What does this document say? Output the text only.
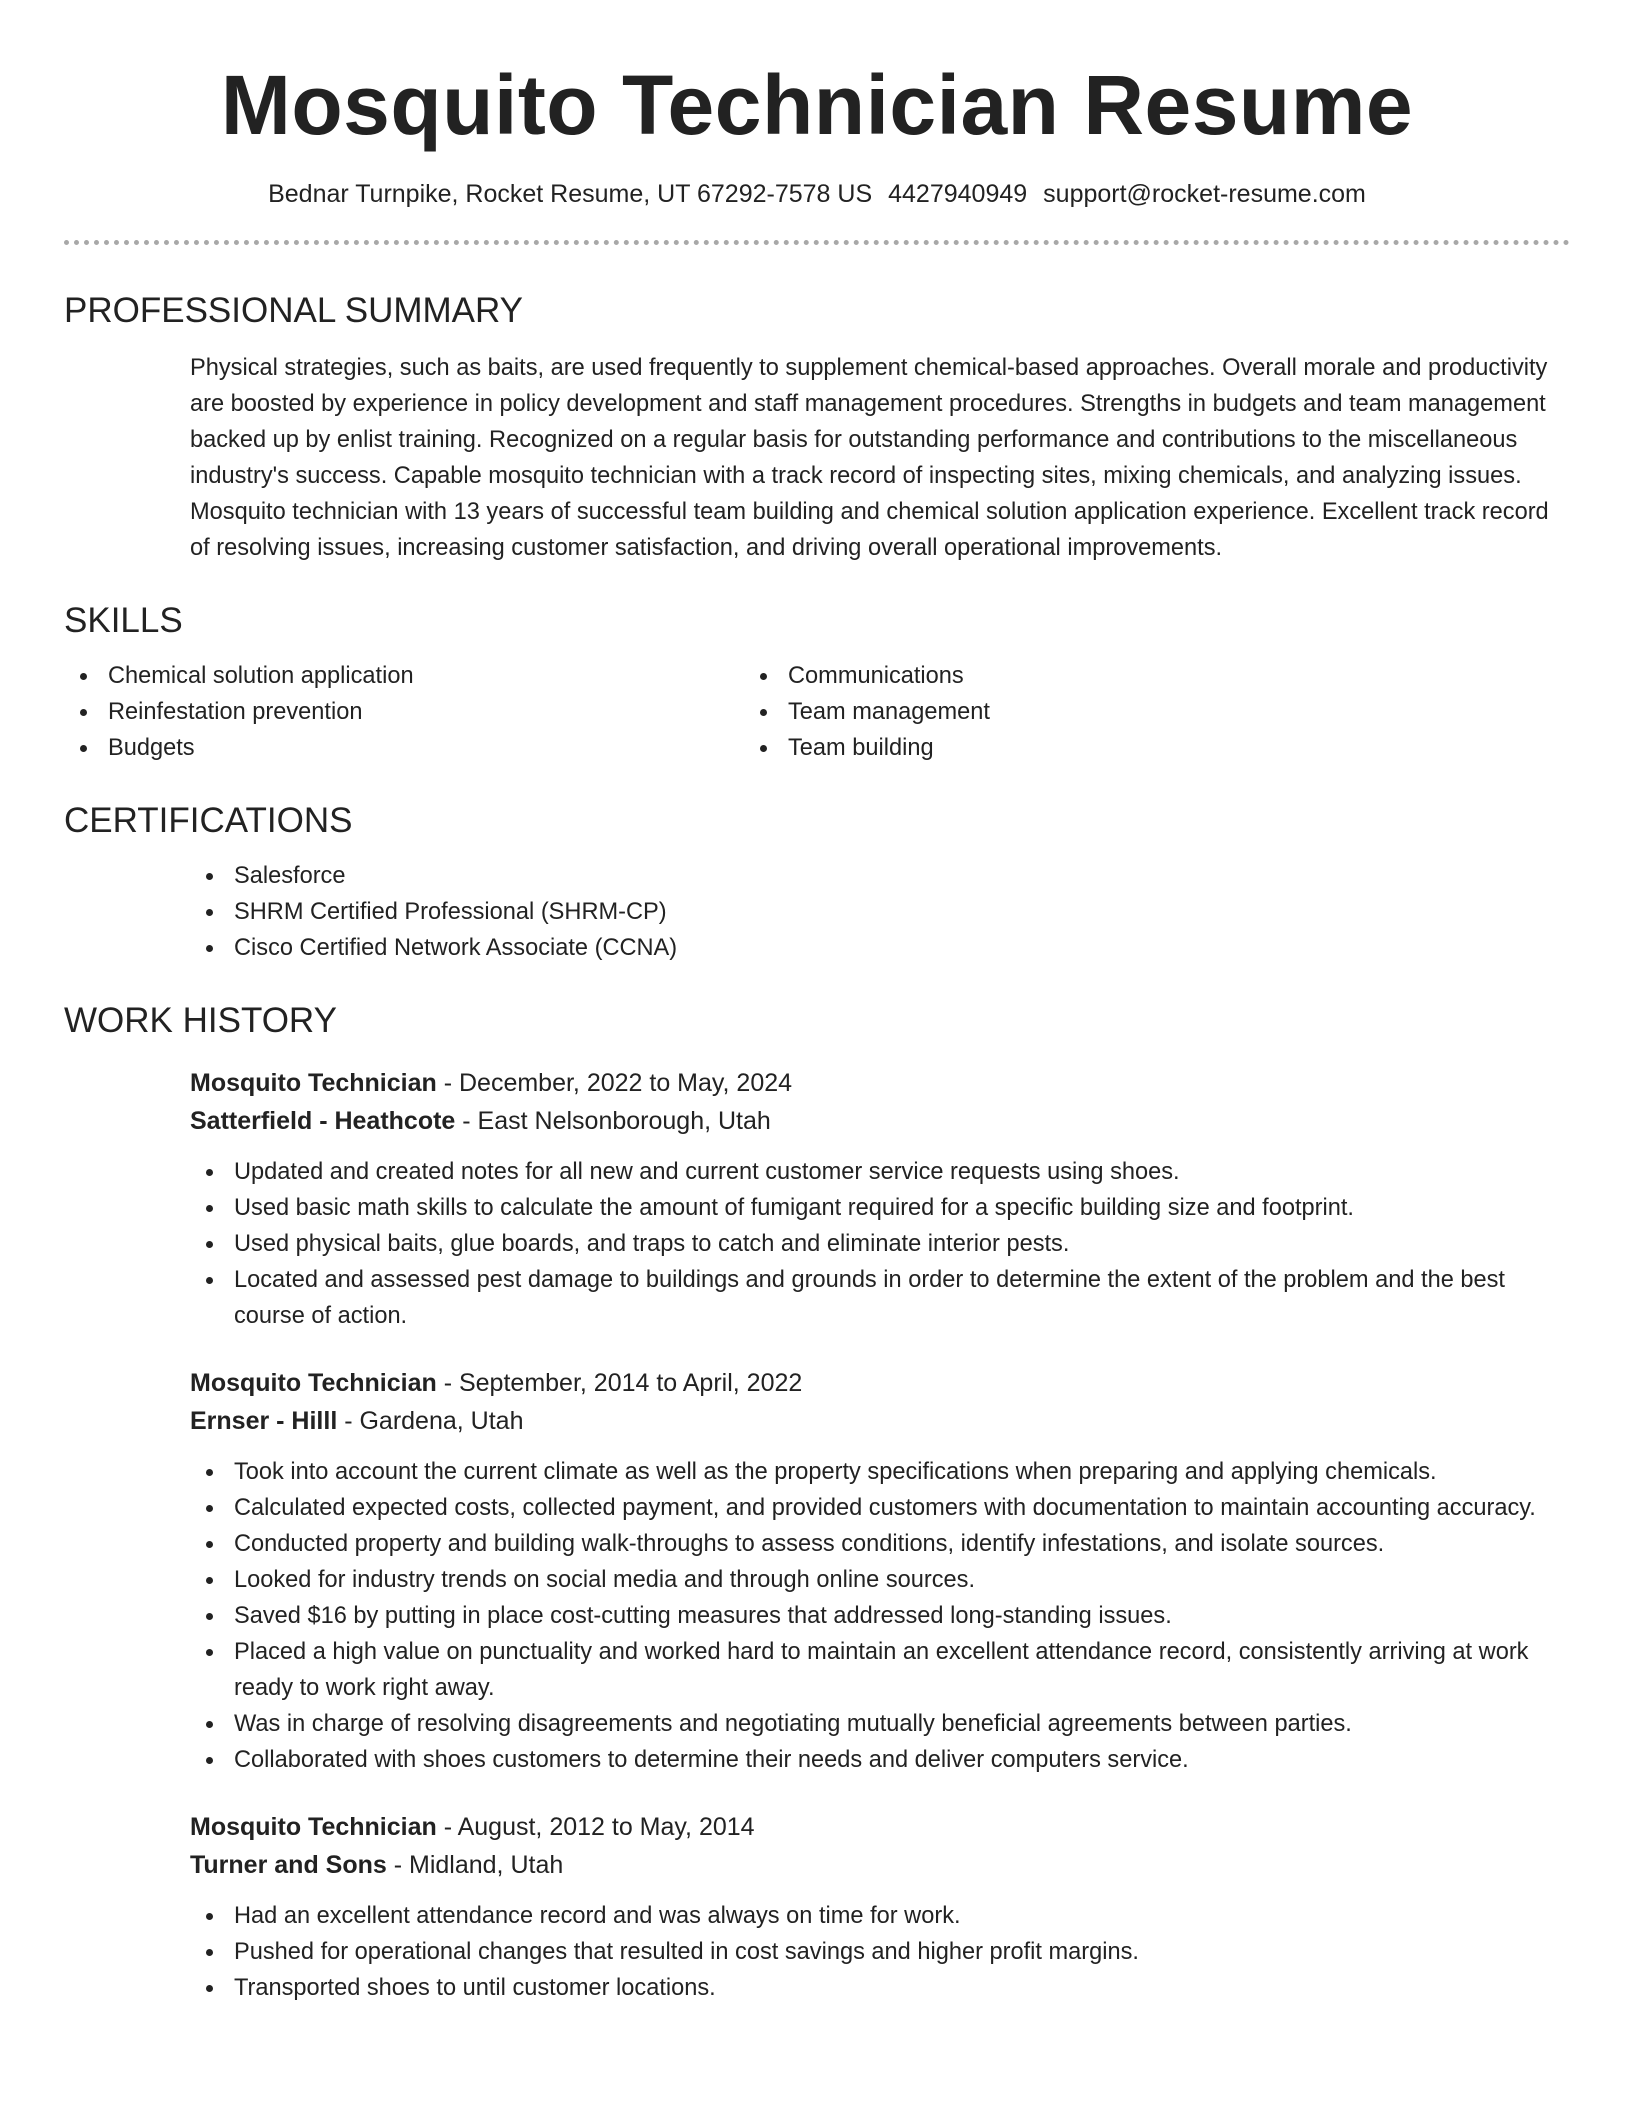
Mosquito Technician Resume
Bednar Turnpike, Rocket Resume, UT 67292-7578 US 4427940949 support@rocket-resume.com
PROFESSIONAL SUMMARY

Physical strategies, such as baits, are used frequently to supplement chemical-based approaches. Overall morale and productivity are boosted by experience in policy development and staff management procedures. Strengths in budgets and team management backed up by enlist training. Recognized on a regular basis for outstanding performance and contributions to the miscellaneous industry's success. Capable mosquito technician with a track record of inspecting sites, mixing chemicals, and analyzing issues. Mosquito technician with 13 years of successful team building and chemical solution application experience. Excellent track record of resolving issues, increasing customer satisfaction, and driving overall operational improvements.

SKILLS
Chemical solution application
Reinfestation prevention
Budgets
Communications
Team management
Team building
CERTIFICATIONS
Salesforce
SHRM Certified Professional (SHRM-CP)
Cisco Certified Network Associate (CCNA)
WORK HISTORY
Mosquito Technician - December, 2022 to May, 2024
Satterfield - Heathcote - East Nelsonborough, Utah
Updated and created notes for all new and current customer service requests using shoes.
Used basic math skills to calculate the amount of fumigant required for a specific building size and footprint.
Used physical baits, glue boards, and traps to catch and eliminate interior pests.
Located and assessed pest damage to buildings and grounds in order to determine the extent of the problem and the best course of action.
Mosquito Technician - September, 2014 to April, 2022
Ernser - Hilll - Gardena, Utah
Took into account the current climate as well as the property specifications when preparing and applying chemicals.
Calculated expected costs, collected payment, and provided customers with documentation to maintain accounting accuracy.
Conducted property and building walk-throughs to assess conditions, identify infestations, and isolate sources.
Looked for industry trends on social media and through online sources.
Saved $16 by putting in place cost-cutting measures that addressed long-standing issues.
Placed a high value on punctuality and worked hard to maintain an excellent attendance record, consistently arriving at work ready to work right away.
Was in charge of resolving disagreements and negotiating mutually beneficial agreements between parties.
Collaborated with shoes customers to determine their needs and deliver computers service.
Mosquito Technician - August, 2012 to May, 2014
Turner and Sons - Midland, Utah
Had an excellent attendance record and was always on time for work.
Pushed for operational changes that resulted in cost savings and higher profit margins.
Transported shoes to until customer locations.
